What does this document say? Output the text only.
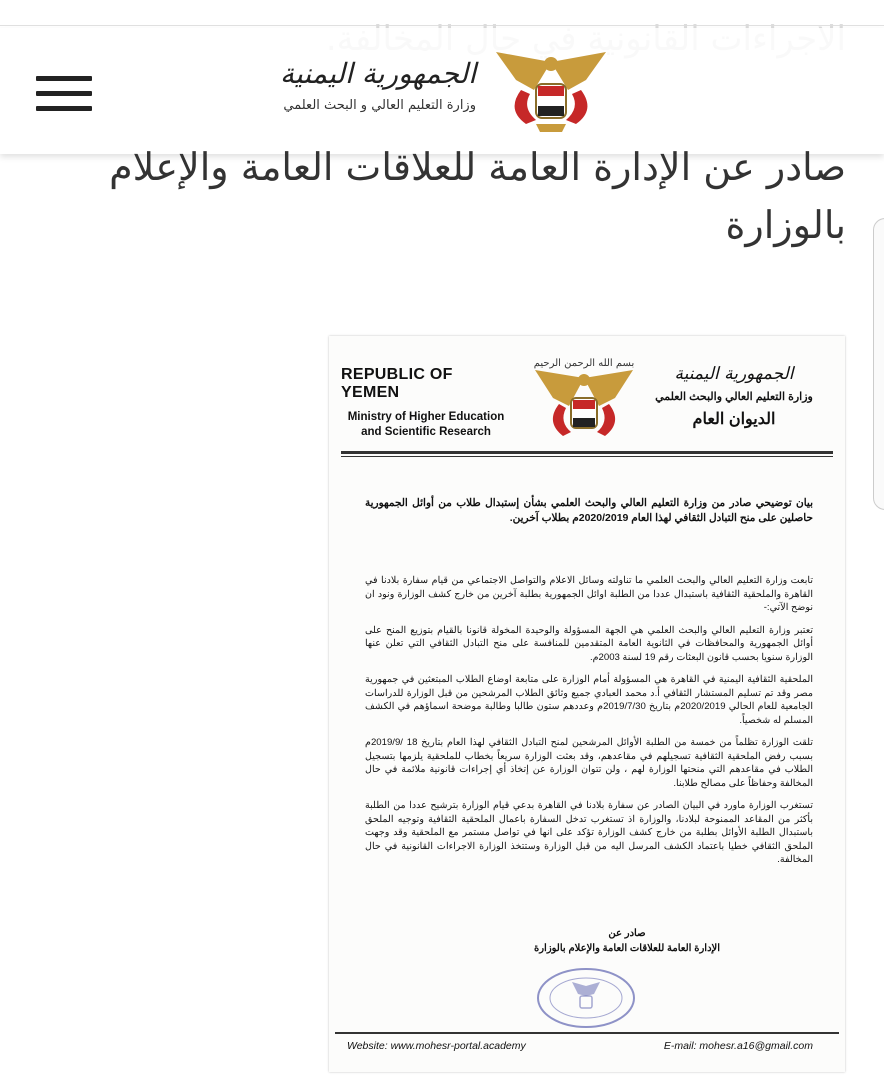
الجمهورية اليمنية
وزارة التعليم العالي و البحث العلمي
صادر عن الإدارة العامة للعلاقات العامة والإعلام بالوزارة
REPUBLIC OF YEMEN
Ministry of Higher Education and Scientific Research
بسم الله الرحمن الرحيم
الجمهورية اليمنية
وزارة التعليم العالي والبحث العلمي
الديوان العام

بيان توضيحي صادر من وزارة التعليم العالي والبحث العلمي بشأن إستبدال طلاب من أوائل الجمهورية حاصلين على منح التبادل الثقافي لهذا العام 2020/2019م بطلاب آخرين.

تابعت وزارة التعليم العالي والبحث العلمي ما تناولته وسائل الاعلام والتواصل الاجتماعي من قيام سفارة بلادنا في القاهرة والملحقية الثقافية باستبدال عددا من الطلبة اوائل الجمهورية بطلبة آخرين من خارج كشف الوزارة ونود ان نوضح الآتي:-

تعتبر وزارة التعليم العالي والبحث العلمي هي الجهة المسؤولة والوحيدة المخولة قانونا بالقيام بتوزيع المنح على أوائل الجمهورية والمحافظات في الثانوية العامة المتقدمين للمنافسة على منح التبادل الثقافي التي تعلن عنها الوزارة سنويا بحسب قانون البعثات رقم 19 لسنة 2003م.

الملحقية الثقافية اليمنية في القاهرة هي المسؤولة أمام الوزارة على متابعة اوضاع الطلاب المبتعثين في جمهورية مصر وقد تم تسليم المستشار الثقافي أ.د محمد العبادي جميع وثائق الطلاب المرشحين من قبل الوزارة للدراسات الجامعية للعام الحالي 2020/2019م بتاريخ 2019/7/30م وعددهم ستون طالبا وطالبة موضحة اسماؤهم في الكشف المسلم له شخصياً.

تلقت الوزارة تظلماً من خمسة من الطلبة الأوائل المرشحين لمنح التبادل الثقافي لهذا العام بتاريخ 18 /2019/9م بسبب رفض الملحقية الثقافية تسجيلهم في مقاعدهم، وقد بعثت الوزارة سريعاً بخطاب للملحقية يلزمها بتسجيل الطلاب في مقاعدهم التي منحتها الوزارة لهم ، ولن تتوان الوزارة عن إتخاذ أي إجراءات قانونية ملائمة في حال المخالفة وحفاظاً على مصالح طلابنا.

تستغرب الوزارة ماورد في البيان الصادر عن سفارة بلادنا في القاهرة بدعي قيام الوزارة بترشيح عددا من الطلبة بأكثر من المقاعد الممنوحة لبلادنا، والوزارة اذ تستغرب تدخل السفارة باعمال الملحقية الثقافية وتوجيه الملحق باستبدال الطلبة الأوائل بطلبة من خارج كشف الوزارة تؤكد على انها في تواصل مستمر مع الملحقية وقد وجهت الملحق الثقافي خطيا باعتماد الكشف المرسل اليه من قبل الوزارة وستتخذ الوزارة الاجراءات القانونية في حال المخالفة.

صادر عن
الإدارة العامة للعلاقات العامة والإعلام بالوزارة
Website: www.mohesr-portal.academy	E-mail: mohesr.a16@gmail.com
